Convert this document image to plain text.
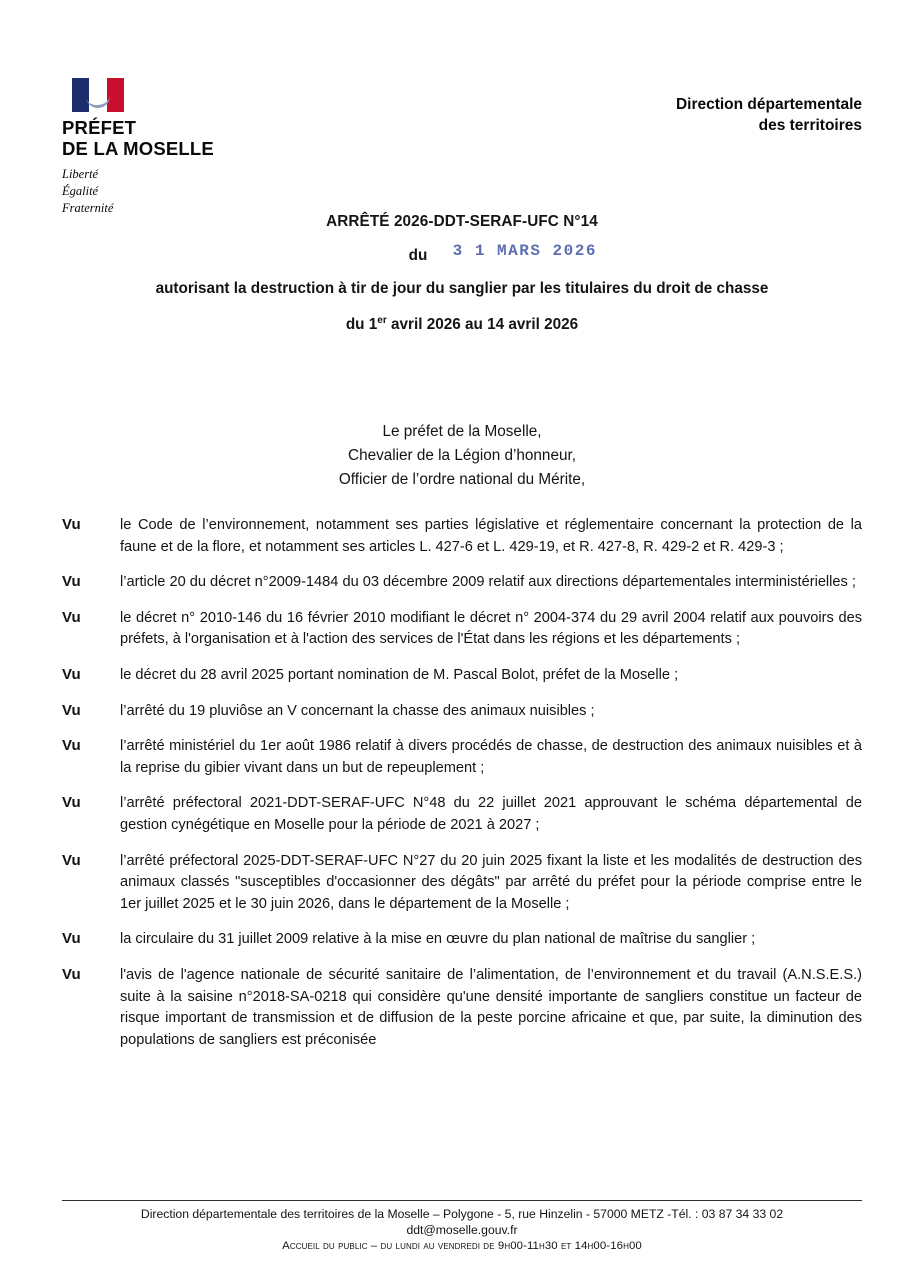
PRÉFET
DE LA MOSELLE
Liberté
Égalité
Fraternité
Direction départementale
des territoires
ARRÊTÉ 2026-DDT-SERAF-UFC N°14
du 3 1 MARS 2026
autorisant la destruction à tir de jour du sanglier par les titulaires du droit de chasse
du 1er avril 2026 au 14 avril 2026
Le préfet de la Moselle,
Chevalier de la Légion d’honneur,
Officier de l’ordre national du Mérite,
Vu	le Code de l’environnement, notamment ses parties législative et réglementaire concernant la protection de la faune et de la flore, et notamment ses articles L. 427-6 et L. 429-19, et R. 427-8, R. 429-2 et R. 429-3 ;
Vu	l’article 20 du décret n°2009-1484 du 03 décembre 2009 relatif aux directions départementales interministérielles ;
Vu	le décret n° 2010-146 du 16 février 2010 modifiant le décret n° 2004-374 du 29 avril 2004 relatif aux pouvoirs des préfets, à l'organisation et à l'action des services de l'État dans les régions et les départements ;
Vu	le décret du 28 avril 2025 portant nomination de M. Pascal Bolot, préfet de la Moselle ;
Vu	l’arrêté du 19 pluviôse an V concernant la chasse des animaux nuisibles ;
Vu	l’arrêté ministériel du 1er août 1986 relatif à divers procédés de chasse, de destruction des animaux nuisibles et à la reprise du gibier vivant dans un but de repeuplement ;
Vu	l’arrêté préfectoral 2021-DDT-SERAF-UFC N°48 du 22 juillet 2021 approuvant le schéma départemental de gestion cynégétique en Moselle pour la période de 2021 à 2027 ;
Vu	l’arrêté préfectoral 2025-DDT-SERAF-UFC N°27 du 20 juin 2025 fixant la liste et les modalités de destruction des animaux classés "susceptibles d'occasionner des dégâts" par arrêté du préfet pour la période comprise entre le 1er juillet 2025 et le 30 juin 2026, dans le département de la Moselle ;
Vu	la circulaire du 31 juillet 2009 relative à la mise en œuvre du plan national de maîtrise du sanglier ;
Vu	l'avis de l'agence nationale de sécurité sanitaire de l’alimentation, de l’environnement et du travail (A.N.S.E.S.) suite à la saisine n°2018-SA-0218 qui considère qu'une densité importante de sangliers constitue un facteur de risque important de transmission et de diffusion de la peste porcine africaine et que, par suite, la diminution des populations de sangliers est préconisée
Direction départementale des territoires de la Moselle – Polygone - 5, rue Hinzelin - 57000 METZ -Tél. : 03 87 34 33 02
ddt@moselle.gouv.fr
Accueil du public – du lundi au vendredi de 9h00-11h30 et 14h00-16h00
